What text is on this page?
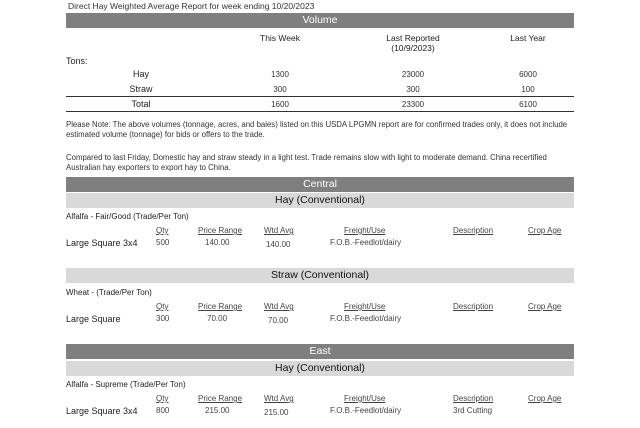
Direct Hay Weighted Average Report for week ending 10/20/2023
Volume
This Week	Last Reported
(10/9/2023)
Last Year
Tons:
Hay	1300	23000	6000
Straw	300	300	100
Total	1600	23300	6100
Please Note: The above volumes (tonnage, acres, and bales) listed on this USDA LPGMN report are for confirmed trades only, it does not include estimated volume (tonnage) for bids or offers to the trade.
Compared to last Friday, Domestic hay and straw steady in a light test. Trade remains slow with light to moderate demand. China recertified Australian hay exporters to export hay to China.
Central
Hay (Conventional)
Alfalfa - Fair/Good (Trade/Per Ton)
Qty	Price Range	Wtd Avg	Freight/Use	Description	Crop Age
Large Square 3x4 500	140.00	140.00	F.O.B.-Feedlot/dairy
Straw (Conventional)
Wheat - (Trade/Per Ton)
Qty	Price Range	Wtd Avg	Freight/Use	Description	Crop Age
Large Square	300	70.00	70.00	F.O.B.-Feedlot/dairy
East
Hay (Conventional)
Alfalfa - Supreme (Trade/Per Ton)
Qty	Price Range	Wtd Avg	Freight/Use	Description	Crop Age
Large Square 3x4 800	215.00	215.00	F.O.B.-Feedlot/dairy	3rd Cutting
